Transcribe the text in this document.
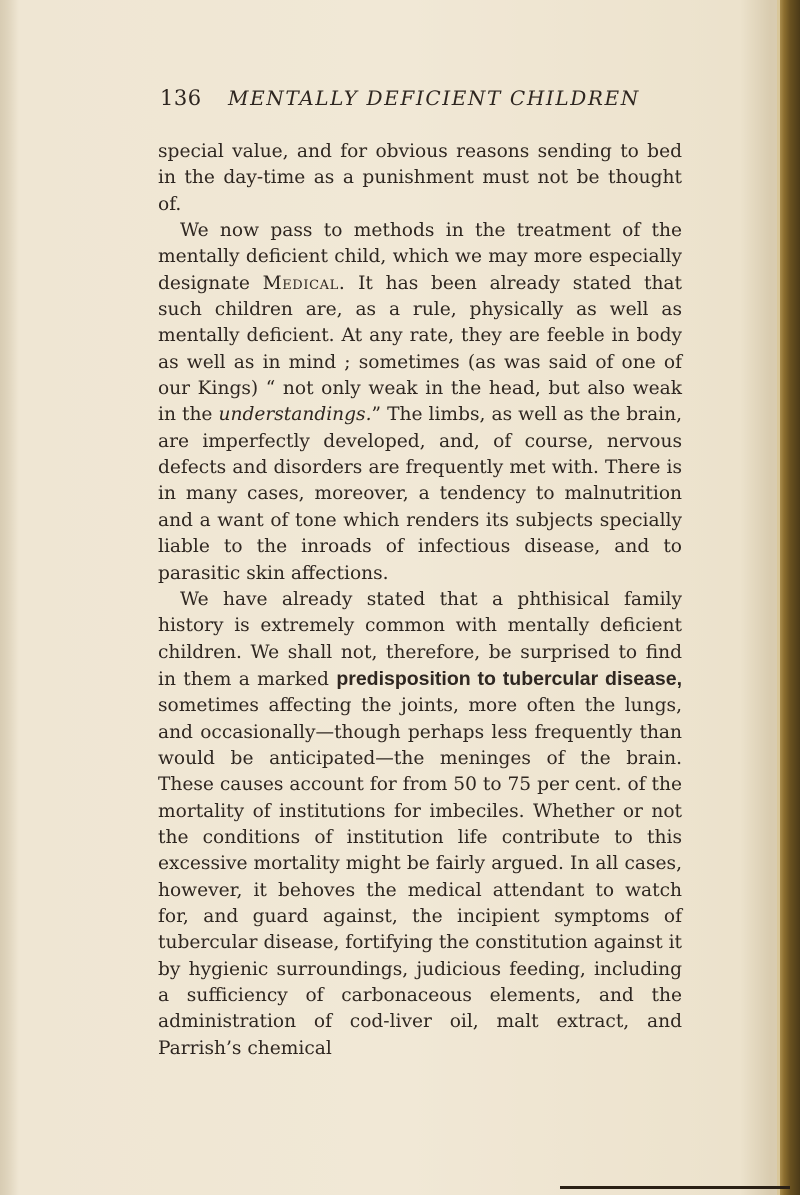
136 MENTALLY DEFICIENT CHILDREN

special value, and for obvious reasons sending to bed in the day-time as a punishment must not be thought of.

We now pass to methods in the treatment of the mentally deficient child, which we may more especially designate Medical. It has been already stated that such children are, as a rule, physically as well as mentally deficient. At any rate, they are feeble in body as well as in mind ; sometimes (as was said of one of our Kings) “ not only weak in the head, but also weak in the understandings.” The limbs, as well as the brain, are imperfectly developed, and, of course, nervous defects and disorders are frequently met with. There is in many cases, moreover, a tendency to malnutrition and a want of tone which renders its subjects specially liable to the inroads of infectious disease, and to parasitic skin affections.

We have already stated that a phthisical family history is extremely common with mentally deficient children. We shall not, therefore, be surprised to find in them a marked predisposition to tubercular disease, sometimes affecting the joints, more often the lungs, and occasionally—though perhaps less frequently than would be anticipated—the meninges of the brain. These causes account for from 50 to 75 per cent. of the mortality of institutions for imbeciles. Whether or not the conditions of institution life contribute to this excessive mortality might be fairly argued. In all cases, however, it behoves the medical attendant to watch for, and guard against, the incipient symptoms of tubercular disease, fortifying the constitution against it by hygienic surroundings, judicious feeding, including a sufficiency of carbonaceous elements, and the administration of cod-liver oil, malt extract, and Parrish’s chemical
